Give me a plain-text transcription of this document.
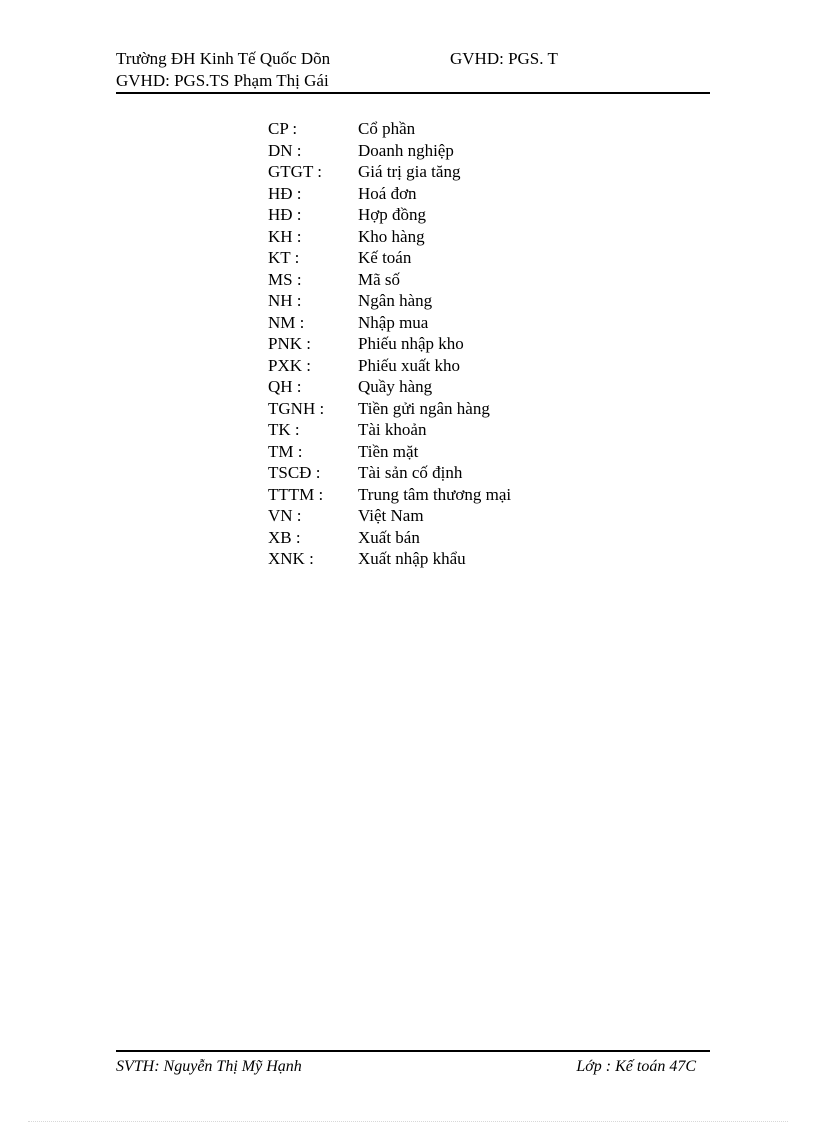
Trường ĐH Kinh Tế Quốc Dõn	GVHD: PGS. T
GVHD: PGS.TS Phạm Thị Gái
CP :	Cổ phần
DN :	Doanh nghiệp
GTGT :	Giá trị gia tăng
HĐ :	Hoá đơn
HĐ :	Hợp đồng
KH :	Kho hàng
KT :	Kế toán
MS :	Mã số
NH :	Ngân hàng
NM :	Nhập mua
PNK :	Phiếu nhập kho
PXK :	Phiếu xuất kho
QH :	Quầy hàng
TGNH :	Tiền gửi ngân hàng
TK :	Tài khoản
TM :	Tiền mặt
TSCĐ :	Tài sản cố định
TTTM :	Trung tâm thương mại
VN :	Việt Nam
XB :	Xuất bán
XNK :	Xuất nhập khẩu
SVTH: Nguyễn Thị Mỹ Hạnh	Lớp : Kế toán 47C
